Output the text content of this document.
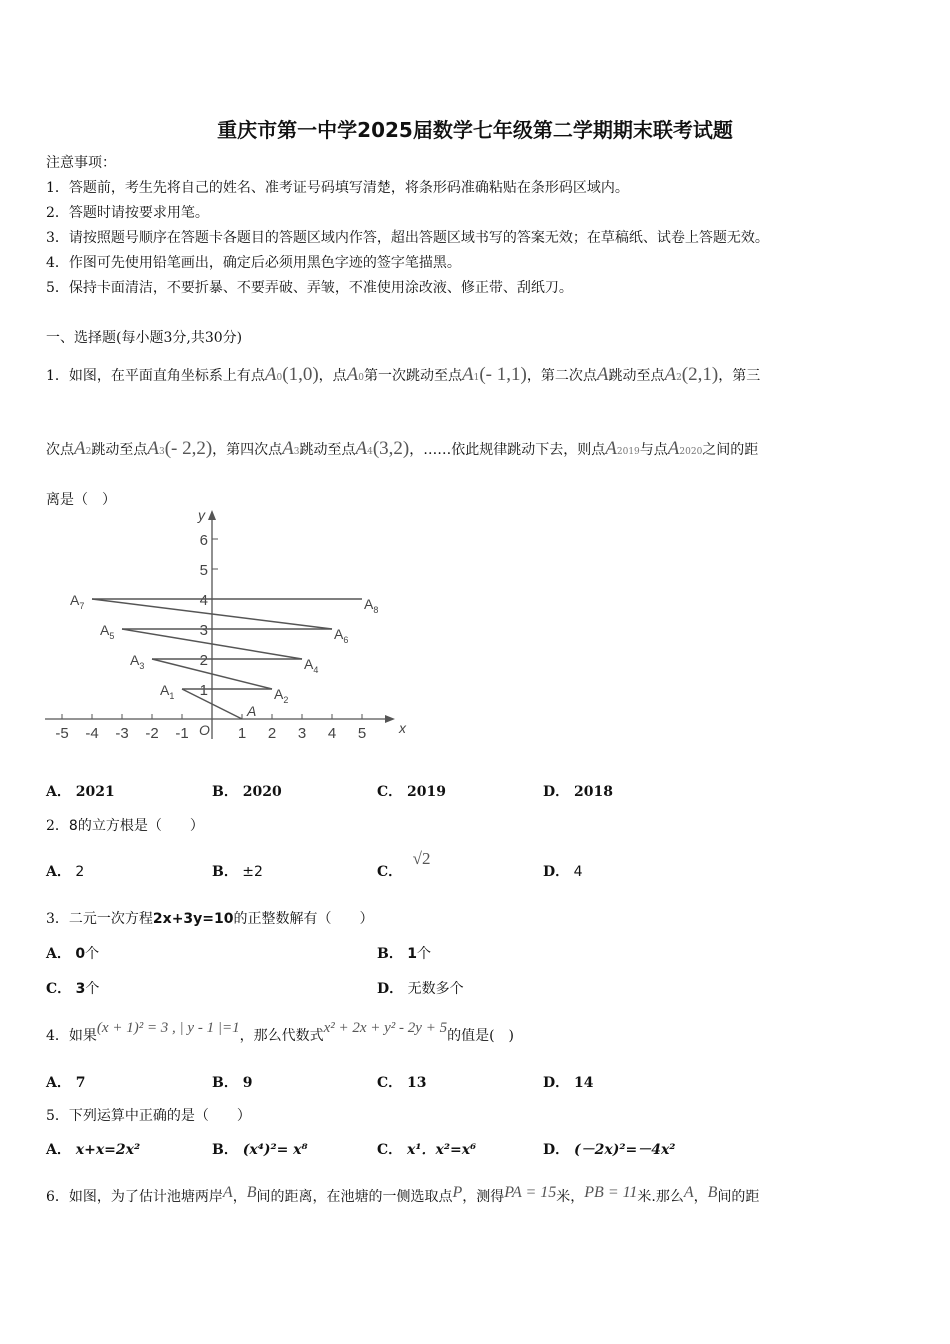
重庆市第一中学2025届数学七年级第二学期期末联考试题
注意事项：
1．答题前，考生先将自己的姓名、准考证号码填写清楚，将条形码准确粘贴在条形码区域内。
2．答题时请按要求用笔。
3．请按照题号顺序在答题卡各题目的答题区域内作答，超出答题区域书写的答案无效；在草稿纸、试卷上答题无效。
4．作图可先使用铅笔画出，确定后必须用黑色字迹的签字笔描黑。
5．保持卡面清洁，不要折暴、不要弄破、弄皱，不准使用涂改液、修正带、刮纸刀。
一、选择题(每小题3分,共30分)
1．如图，在平面直角坐标系上有点A0(1,0)，点A0第一次跳动至点A1(- 1,1)，第二次点A跳动至点A2(2,1)，第三
次点A2跳动至点A3(- 2,2)，第四次点A3跳动至点A4(3,2)，……依此规律跳动下去，则点A2019与点A2020之间的距
离是（　）
x
y
O
-5 -4 -3 -2 -1	1 2 3 4 5
1
2
3
4
5
6
A
$A_1$	$A_2$
$A_3$	$A_4$
$A_5$	$A_6$
$A_7$	$A_8$
A． 2021	B． 2020	C． 2019	D． 2018
2．8的立方根是（　　）
A． 2	B． ±2	C． √2
D． 4
3．二元一次方程2x+3y=10的正整数解有（　　）
A． 0个	B． 1个
C． 3个	D． 无数多个
4．如果(x + 1)² = 3 , | y - 1 |=1，那么代数式x² + 2x + y² - 2y + 5的值是(　)
A． 7	B． 9	C． 13	D． 14
5．下列运算中正确的是（　　）
A． x+x=2x²	B． (x⁴)²= x⁸	C． x¹．x²=x⁶	D． (－2x)²=－4x²
6．如图，为了估计池塘两岸A，B间的距离，在池塘的一侧选取点P，测得PA = 15米，PB = 11米.那么A，B间的距
